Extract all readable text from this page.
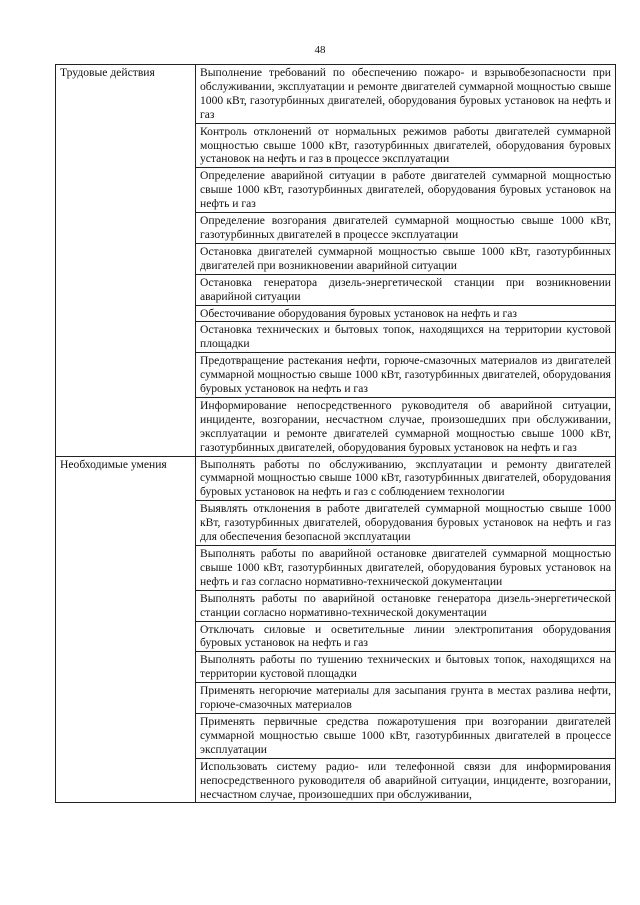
48
Трудовые действия	Выполнение требований по обеспечению пожаро- и взрывобезопасности при обслуживании, эксплуатации и ремонте двигателей суммарной мощностью свыше 1000 кВт, газотурбинных двигателей, оборудования буровых установок на нефть и газ
	Контроль отклонений от нормальных режимов работы двигателей суммарной мощностью свыше 1000 кВт, газотурбинных двигателей, оборудования буровых установок на нефть и газ в процессе эксплуатации
	Определение аварийной ситуации в работе двигателей суммарной мощностью свыше 1000 кВт, газотурбинных двигателей, оборудования буровых установок на нефть и газ
	Определение возгорания двигателей суммарной мощностью свыше 1000 кВт, газотурбинных двигателей в процессе эксплуатации
	Остановка двигателей суммарной мощностью свыше 1000 кВт, газотурбинных двигателей при возникновении аварийной ситуации
	Остановка генератора дизель-энергетической станции при возникновении аварийной ситуации
	Обесточивание оборудования буровых установок на нефть и газ
	Остановка технических и бытовых топок, находящихся на территории кустовой площадки
	Предотвращение растекания нефти, горюче-смазочных материалов из двигателей суммарной мощностью свыше 1000 кВт, газотурбинных двигателей, оборудования буровых установок на нефть и газ
	Информирование непосредственного руководителя об аварийной ситуации, инциденте, возгорании, несчастном случае, произошедших при обслуживании, эксплуатации и ремонте двигателей суммарной мощностью свыше 1000 кВт, газотурбинных двигателей, оборудования буровых установок на нефть и газ
Необходимые умения	Выполнять работы по обслуживанию, эксплуатации и ремонту двигателей суммарной мощностью свыше 1000 кВт, газотурбинных двигателей, оборудования буровых установок на нефть и газ с соблюдением технологии
	Выявлять отклонения в работе двигателей суммарной мощностью свыше 1000 кВт, газотурбинных двигателей, оборудования буровых установок на нефть и газ для обеспечения безопасной эксплуатации
	Выполнять работы по аварийной остановке двигателей суммарной мощностью свыше 1000 кВт, газотурбинных двигателей, оборудования буровых установок на нефть и газ согласно нормативно-технической документации
	Выполнять работы по аварийной остановке генератора дизель-энергетической станции согласно нормативно-технической документации
	Отключать силовые и осветительные линии электропитания оборудования буровых установок на нефть и газ
	Выполнять работы по тушению технических и бытовых топок, находящихся на территории кустовой площадки
	Применять негорючие материалы для засыпания грунта в местах разлива нефти, горюче-смазочных материалов
	Применять первичные средства пожаротушения при возгорании двигателей суммарной мощностью свыше 1000 кВт, газотурбинных двигателей в процессе эксплуатации
	Использовать систему радио- или телефонной связи для информирования непосредственного руководителя об аварийной ситуации, инциденте, возгорании, несчастном случае, произошедших при обслуживании,
